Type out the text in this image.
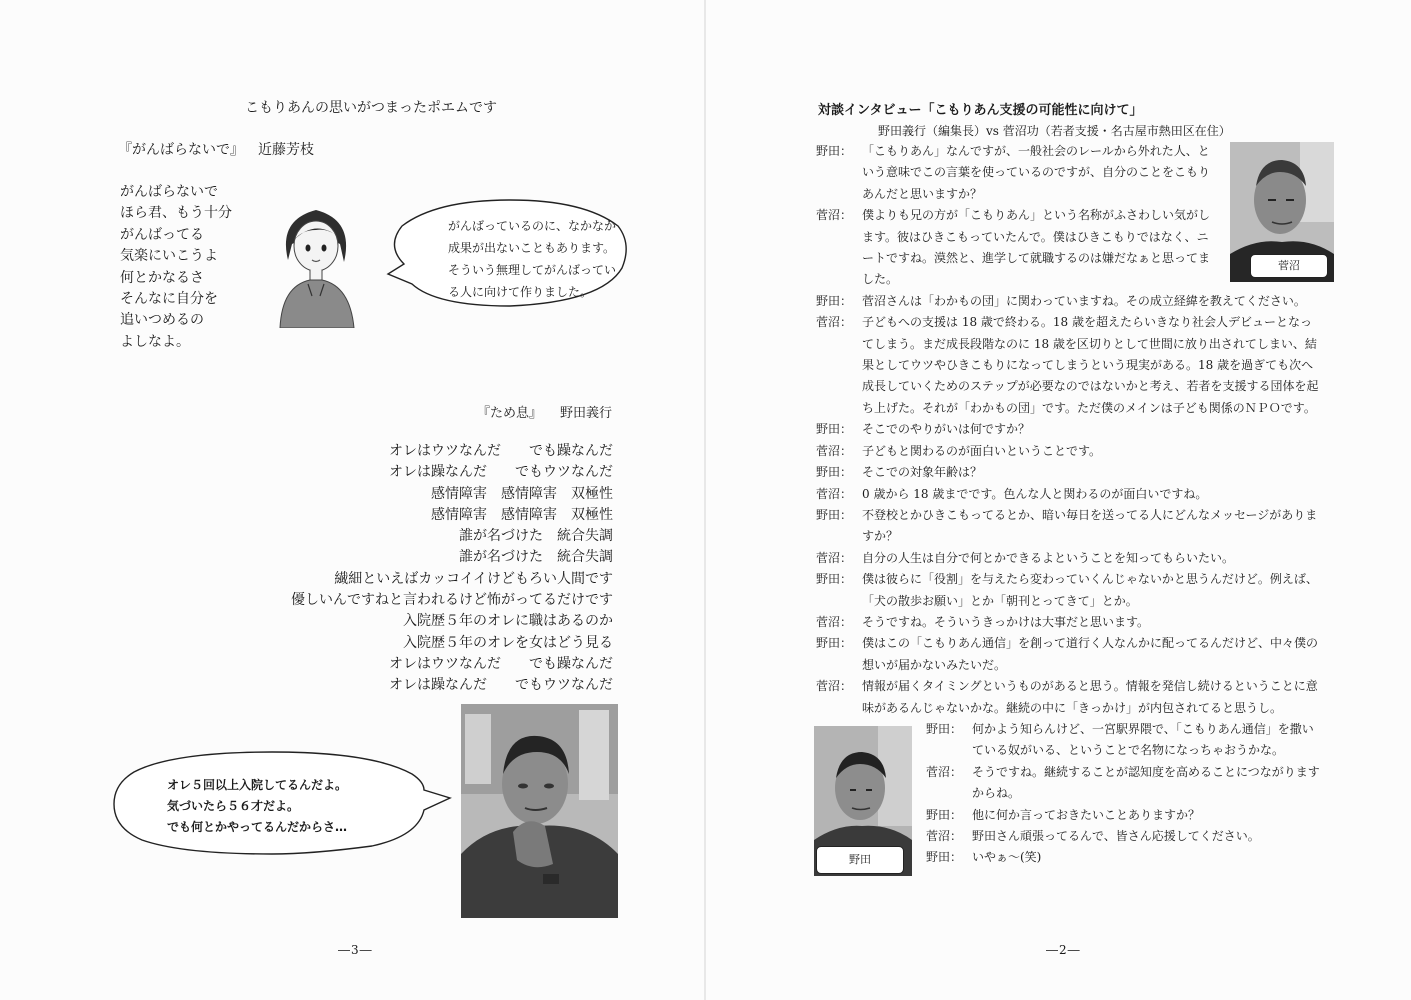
こもりあんの思いがつまったポエムです
『がんばらないで』 近藤芳枝
がんばらないで
ほら君、もう十分
がんばってる
気楽にいこうよ
何とかなるさ
そんなに自分を
追いつめるの
よしなよ。
がんばっているのに、なかなか
成果が出ないこともあります。
そういう無理してがんばってい
る人に向けて作りました。
『ため息』 野田義行
オレはウツなんだ　　でも躁なんだ
オレは躁なんだ　　でもウツなんだ
感情障害　感情障害　双極性
感情障害　感情障害　双極性
誰が名づけた　統合失調
誰が名づけた　統合失調
繊細といえばカッコイイけどもろい人間です
優しいんですねと言われるけど怖がってるだけです
入院歴５年のオレに職はあるのか
入院歴５年のオレを女はどう見る
オレはウツなんだ　　でも躁なんだ
オレは躁なんだ　　でもウツなんだ
オレ５回以上入院してるんだよ。
気づいたら５６才だよ。
でも何とかやってるんだからさ…
―3―
対談インタビュー「こもりあん支援の可能性に向けて」
野田義行（編集長）vs 菅沼功（若者支援・名古屋市熱田区在住）
菅沼
野田
野田： 「こもりあん」なんですが、一般社会のレールから外れた人、という意味でこの言葉を使っているのですが、自分のことをこもりあんだと思いますか？
菅沼： 僕よりも兄の方が「こもりあん」という名称がふさわしい気がします。彼はひきこもっていたんで。僕はひきこもりではなく、ニートですね。漠然と、進学して就職するのは嫌だなぁと思ってました。
野田： 菅沼さんは「わかもの団」に関わっていますね。その成立経緯を教えてください。
菅沼： 子どもへの支援は 18 歳で終わる。18 歳を超えたらいきなり社会人デビューとなってしまう。まだ成長段階なのに 18 歳を区切りとして世間に放り出されてしまい、結果としてウツやひきこもりになってしまうという現実がある。18 歳を過ぎても次へ成長していくためのステップが必要なのではないかと考え、若者を支援する団体を起ち上げた。それが「わかもの団」です。ただ僕のメインは子ども関係のＮＰＯです。
野田： そこでのやりがいは何ですか？
菅沼： 子どもと関わるのが面白いということです。
野田： そこでの対象年齢は？
菅沼： 0 歳から 18 歳までです。色んな人と関わるのが面白いですね。
野田： 不登校とかひきこもってるとか、暗い毎日を送ってる人にどんなメッセージがありますか？
菅沼： 自分の人生は自分で何とかできるよということを知ってもらいたい。
野田： 僕は彼らに「役割」を与えたら変わっていくんじゃないかと思うんだけど。例えば、「犬の散歩お願い」とか「朝刊とってきて」とか。
菅沼： そうですね。そういうきっかけは大事だと思います。
野田： 僕はこの「こもりあん通信」を創って道行く人なんかに配ってるんだけど、中々僕の想いが届かないみたいだ。
菅沼： 情報が届くタイミングというものがあると思う。情報を発信し続けるということに意味があるんじゃないかな。継続の中に「きっかけ」が内包されてると思うし。
野田： 何かよう知らんけど、一宮駅界隈で、「こもりあん通信」を撒いている奴がいる、ということで名物になっちゃおうかな。
菅沼： そうですね。継続することが認知度を高めることにつながりますからね。
野田： 他に何か言っておきたいことありますか？
菅沼： 野田さん頑張ってるんで、皆さん応援してください。
野田： いやぁ～(笑)
―2―
